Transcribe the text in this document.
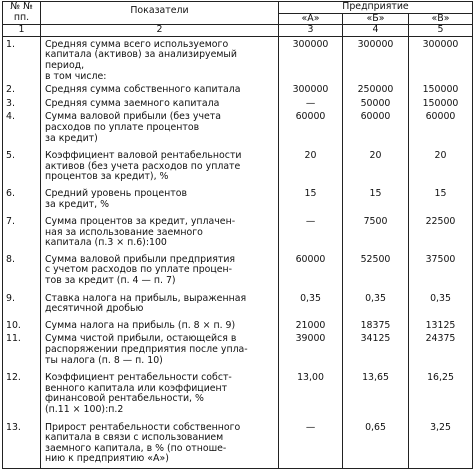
№ №
пп.	Показатели	Предприятие		
		«А»	«Б»	«В»
1	2	3	4	5
1.	Средняя сумма всего используемого
капитала (активов) за анализируемый
период,
в том числе:	300000	300000	300000
2.	Средняя сумма собственного капитала	300000	250000	150000
3.	Средняя сумма заемного капитала	—	50000	150000
4.	Сумма валовой прибыли (без учета
расходов по уплате процентов
за кредит)	60000	60000	60000
5.	Коэффициент валовой рентабельности
активов (без учета расходов по уплате
процентов за кредит), %	20	20	20
6.	Средний уровень процентов
за кредит, %	15	15	15
7.	Сумма процентов за кредит, уплачен-
ная за использование заемного
капитала (п.3 × п.6):100	—	7500	22500
8.	Сумма валовой прибыли предприятия
с учетом расходов по уплате процен-
тов за кредит (п. 4 — п. 7)	60000	52500	37500
9.	Ставка налога на прибыль, выраженная
десятичной дробью	0,35	0,35	0,35
10.	Сумма налога на прибыль (п. 8 × п. 9)	21000	18375	13125
11.	Сумма чистой прибыли, остающейся в
распоряжении предприятия после упла-
ты налога (п. 8 — п. 10)	39000	34125	24375
12.	Коэффициент рентабельности собст-
венного капитала или коэффициент
финансовой рентабельности, %
(п.11 × 100):п.2	13,00	13,65	16,25
13.	Прирост рентабельности собственного
капитала в связи с использованием
заемного капитала, в % (по отноше-
нию к предприятию «А»)	—	0,65	3,25
